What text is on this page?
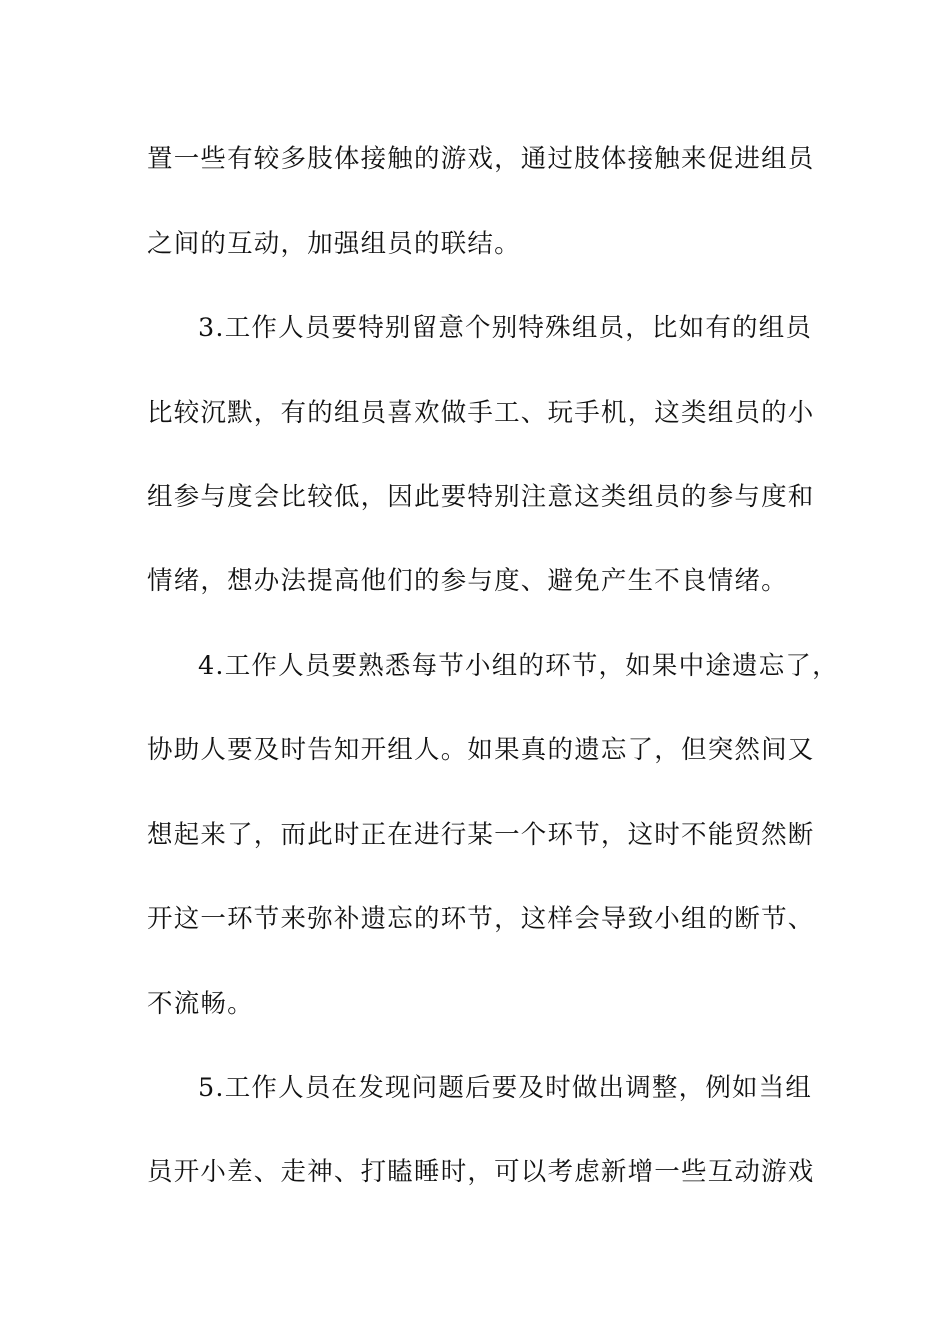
置一些有较多肢体接触的游戏，通过肢体接触来促进组员
之间的互动，加强组员的联结。
3.工作人员要特别留意个别特殊组员，比如有的组员
比较沉默，有的组员喜欢做手工、玩手机，这类组员的小
组参与度会比较低，因此要特别注意这类组员的参与度和
情绪，想办法提高他们的参与度、避免产生不良情绪。
4.工作人员要熟悉每节小组的环节，如果中途遗忘了，
协助人要及时告知开组人。如果真的遗忘了，但突然间又
想起来了，而此时正在进行某一个环节，这时不能贸然断
开这一环节来弥补遗忘的环节，这样会导致小组的断节、
不流畅。
5.工作人员在发现问题后要及时做出调整，例如当组
员开小差、走神、打瞌睡时，可以考虑新增一些互动游戏
